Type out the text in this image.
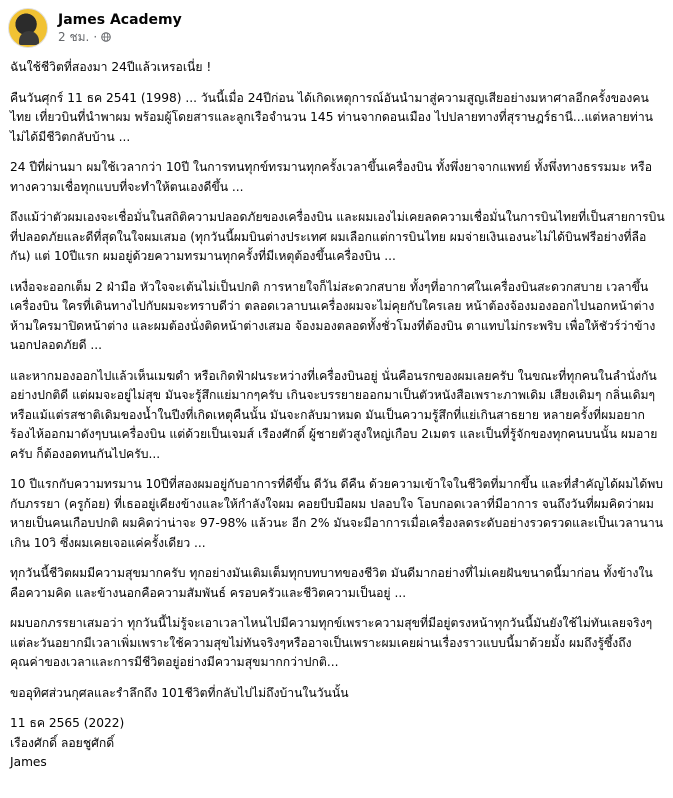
James Academy
2 ชม. ·

ฉันใช้ชีวิตที่สองมา 24ปีแล้วเหรอเนี่ย !

คืนวันศุกร์ 11 ธค 2541 (1998) ... วันนี้เมื่อ 24ปีก่อน ได้เกิดเหตุการณ์อันนำมาสู่ความสูญเสียอย่างมหาศาลอีกครั้งของคนไทย เที่ยวบินที่นำพาผม พร้อมผู้โดยสารและลูกเรือจำนวน 145 ท่านจากดอนเมือง ไปปลายทางที่สุราษฎร์ธานี...แต่หลายท่านไม่ได้มีชีวิตกลับบ้าน ...

24 ปีที่ผ่านมา ผมใช้เวลากว่า 10ปี ในการทนทุกข์ทรมานทุกครั้งเวลาขึ้นเครื่องบิน ทั้งพึ่งยาจากแพทย์ ทั้งพึ่งทางธรรมมะ หรือทางความเชื่อทุกแบบที่จะทำให้ตนเองดีขึ้น ...

ถึงแม้ว่าตัวผมเองจะเชื่อมั่นในสถิติความปลอดภัยของเครื่องบิน และผมเองไม่เคยลดความเชื่อมั่นในการบินไทยที่เป็นสายการบินที่ปลอดภัยและดีที่สุดในใจผมเสมอ (ทุกวันนี้ผมบินต่างประเทศ ผมเลือกแต่การบินไทย ผมจ่ายเงินเองนะไม่ได้บินฟรีอย่างที่ลือกัน) แต่ 10ปีแรก ผมอยู่ด้วยความทรมานทุกครั้งที่มีเหตุต้องขึ้นเครื่องบิน ...

เหงื่อจะออกเต็ม 2 ฝ่ามือ หัวใจจะเต้นไม่เป็นปกติ การหายใจก็ไม่สะดวกสบาย ทั้งๆที่อากาศในเครื่องบินสะดวกสบาย เวลาขึ้นเครื่องบิน ใครที่เดินทางไปกับผมจะทราบดีว่า ตลอดเวลาบนเครื่องผมจะไม่คุยกับใครเลย หน้าต้องจ้องมองออกไปนอกหน้าต่าง ห้ามใครมาปิดหน้าต่าง และผมต้องนั่งติดหน้าต่างเสมอ จ้องมองตลอดทั้งชั่วโมงที่ต้องบิน ตาแทบไม่กระพริบ เพื่อให้ชัวร์ว่าข้างนอกปลอดภัยดี ...

และหากมองออกไปแล้วเห็นเมฆดำ หรือเกิดฟ้าฝนระหว่างที่เครื่องบินอยู่ นั่นคือนรกของผมเลยครับ ในขณะที่ทุกคนในลำนั่งกันอย่างปกติดี แต่ผมจะอยู่ไม่สุข มันจะรู้สึกแย่มากๆครับ เกินจะบรรยายออกมาเป็นตัวหนังสือเพราะภาพเดิม เสียงเดิมๆ กลิ่นเดิมๆ หรือแม้แต่รสชาติเดิมของน้ำในปีงที่เกิดเหตุคืนนั้น มันจะกลับมาหมด มันเป็นความรู้สึกที่แย่เกินสาธยาย หลายครั้งที่ผมอยากร้องไห้ออกมาดังๆบนเครื่องบิน แต่ด้วยเป็นเจมส์ เรืองศักดิ์ ผู้ชายตัวสูงใหญ่เกือบ 2เมตร และเป็นที่รู้จักของทุกคนบนนั้น ผมอายครับ ก็ต้องอดทนกันไปครับ...

10 ปีแรกกับความทรมาน 10ปีที่สองผมอยู่กับอาการที่ดีขึ้น ดีวัน ดีคืน ด้วยความเข้าใจในชีวิตที่มากขึ้น และที่สำคัญได้ผมได้พบกับภรรยา (ครูก้อย) ที่เธออยู่เคียงข้างและให้กำลังใจผม คอยบีบมือผม ปลอบใจ โอบกอดเวลาที่มีอาการ จนถึงวันที่ผมคิดว่าผมหายเป็นคนเกือบปกติ ผมคิดว่าน่าจะ 97-98% แล้วนะ อีก 2% มันจะมีอาการเมื่อเครื่องลดระดับอย่างรวดรวดและเป็นเวลานานเกิน 10วิ ซึ่งผมเคยเจอแค่ครั้งเดียว ...

ทุกวันนี้ชีวิตผมมีความสุขมากครับ ทุกอย่างมันเติมเต็มทุกบทบาทของชีวิต มันดีมากอย่างที่ไม่เคยฝันขนาดนี้มาก่อน ทั้งข้างในคือความคิด และข้างนอกคือความสัมพันธ์ ครอบครัวและชีวิตความเป็นอยู่ ...

ผมบอกภรรยาเสมอว่า ทุกวันนี้ไม่รู้จะเอาเวลาไหนไปมีความทุกข์เพราะความสุขที่มีอยู่ตรงหน้าทุกวันนี้มันยังใช้ไม่ทันเลยจริงๆ แต่ละวันอยากมีเวลาเพิ่มเพราะใช้ความสุขไม่ทันจริงๆหรืออาจเป็นเพราะผมเคยผ่านเรื่องราวแบบนี้มาด้วยมั้ง ผมถึงรู้ซึ้งถึงคุณค่าของเวลาและการมีชีวิตอยู่อย่างมีความสุขมากกว่าปกติ...

ขออุทิศส่วนกุศลและรำลึกถึง 101ชีวิตที่กลับไปไม่ถึงบ้านในวันนั้น

11 ธค 2565 (2022)
เรืองศักดิ์ ลอยชูศักดิ์
James
